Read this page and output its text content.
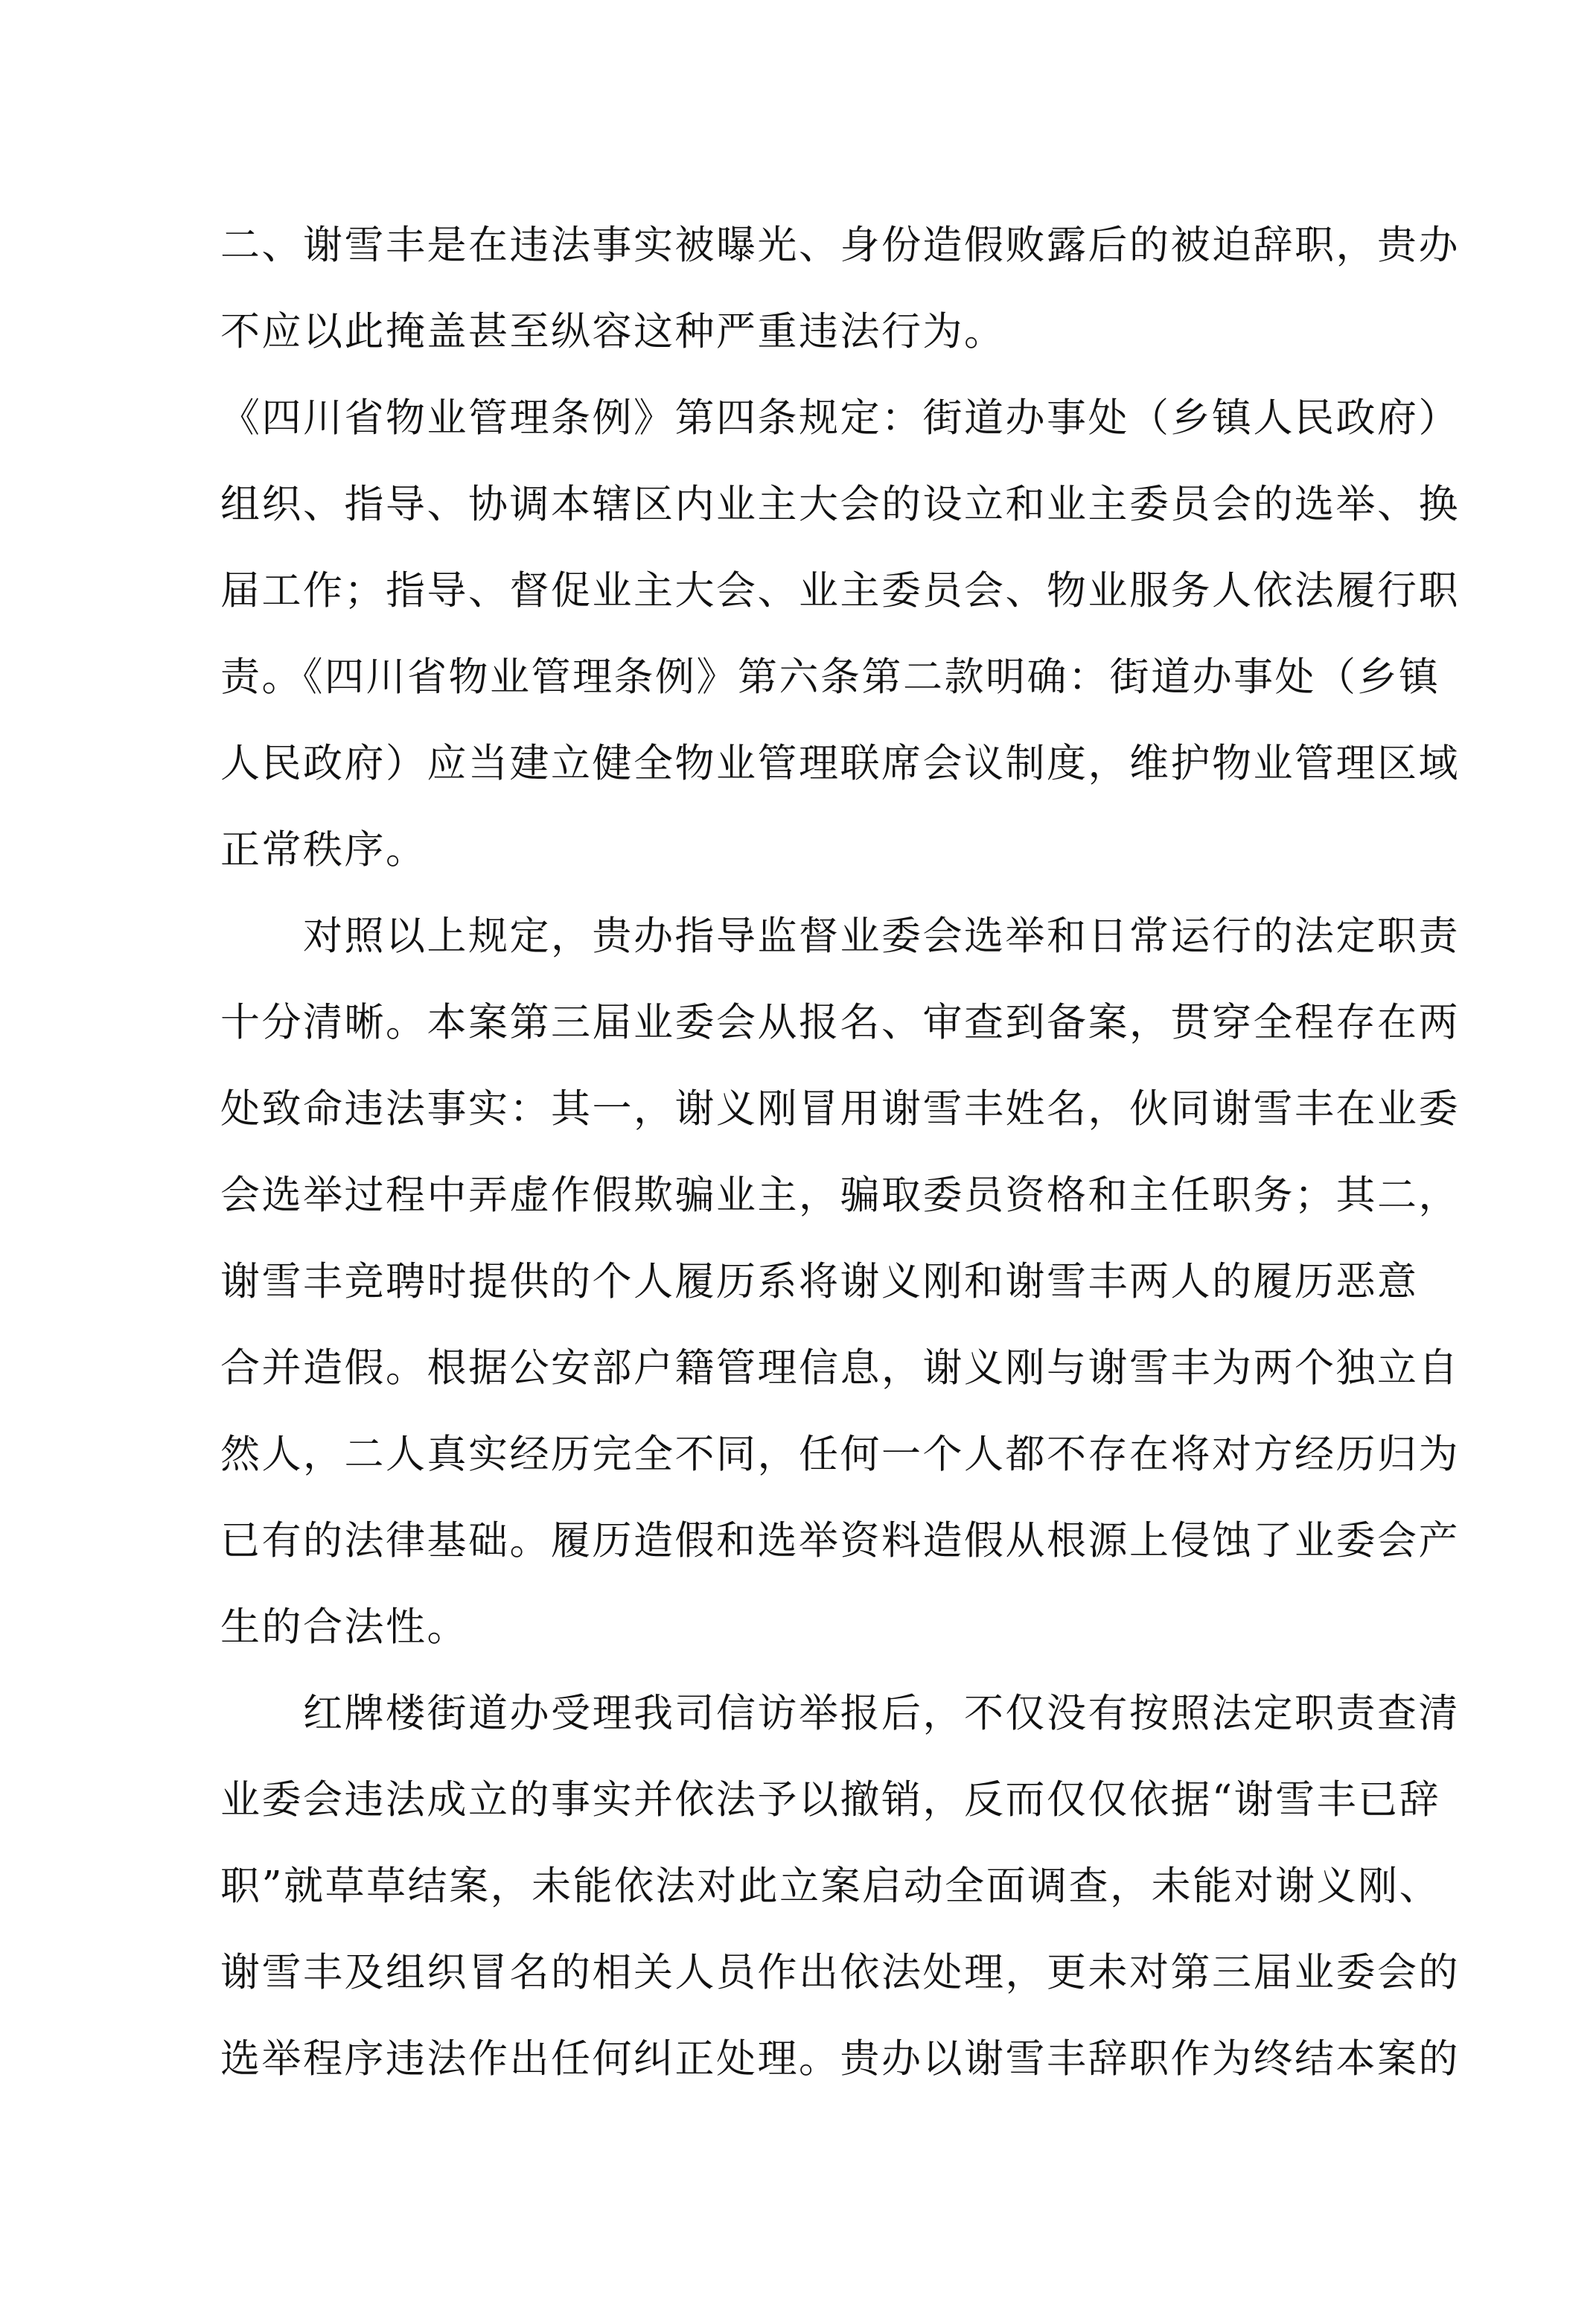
二、谢雪丰是在违法事实被曝光、身份造假败露后的被迫辞职，贵办
不应以此掩盖甚至纵容这种严重违法行为。
《四川省物业管理条例》第四条规定：街道办事处（乡镇人民政府）
组织、指导、协调本辖区内业主大会的设立和业主委员会的选举、换
届工作；指导、督促业主大会、业主委员会、物业服务人依法履行职
责。《四川省物业管理条例》第六条第二款明确：街道办事处（乡镇
人民政府）应当建立健全物业管理联席会议制度，维护物业管理区域
正常秩序。
　　对照以上规定，贵办指导监督业委会选举和日常运行的法定职责
十分清晰。本案第三届业委会从报名、审查到备案，贯穿全程存在两
处致命违法事实：其一，谢义刚冒用谢雪丰姓名，伙同谢雪丰在业委
会选举过程中弄虚作假欺骗业主，骗取委员资格和主任职务；其二，
谢雪丰竞聘时提供的个人履历系将谢义刚和谢雪丰两人的履历恶意
合并造假。根据公安部户籍管理信息，谢义刚与谢雪丰为两个独立自
然人，二人真实经历完全不同，任何一个人都不存在将对方经历归为
已有的法律基础。履历造假和选举资料造假从根源上侵蚀了业委会产
生的合法性。
　　红牌楼街道办受理我司信访举报后，不仅没有按照法定职责查清
业委会违法成立的事实并依法予以撤销，反而仅仅依据“谢雪丰已辞
职”就草草结案，未能依法对此立案启动全面调查，未能对谢义刚、
谢雪丰及组织冒名的相关人员作出依法处理，更未对第三届业委会的
选举程序违法作出任何纠正处理。贵办以谢雪丰辞职作为终结本案的
